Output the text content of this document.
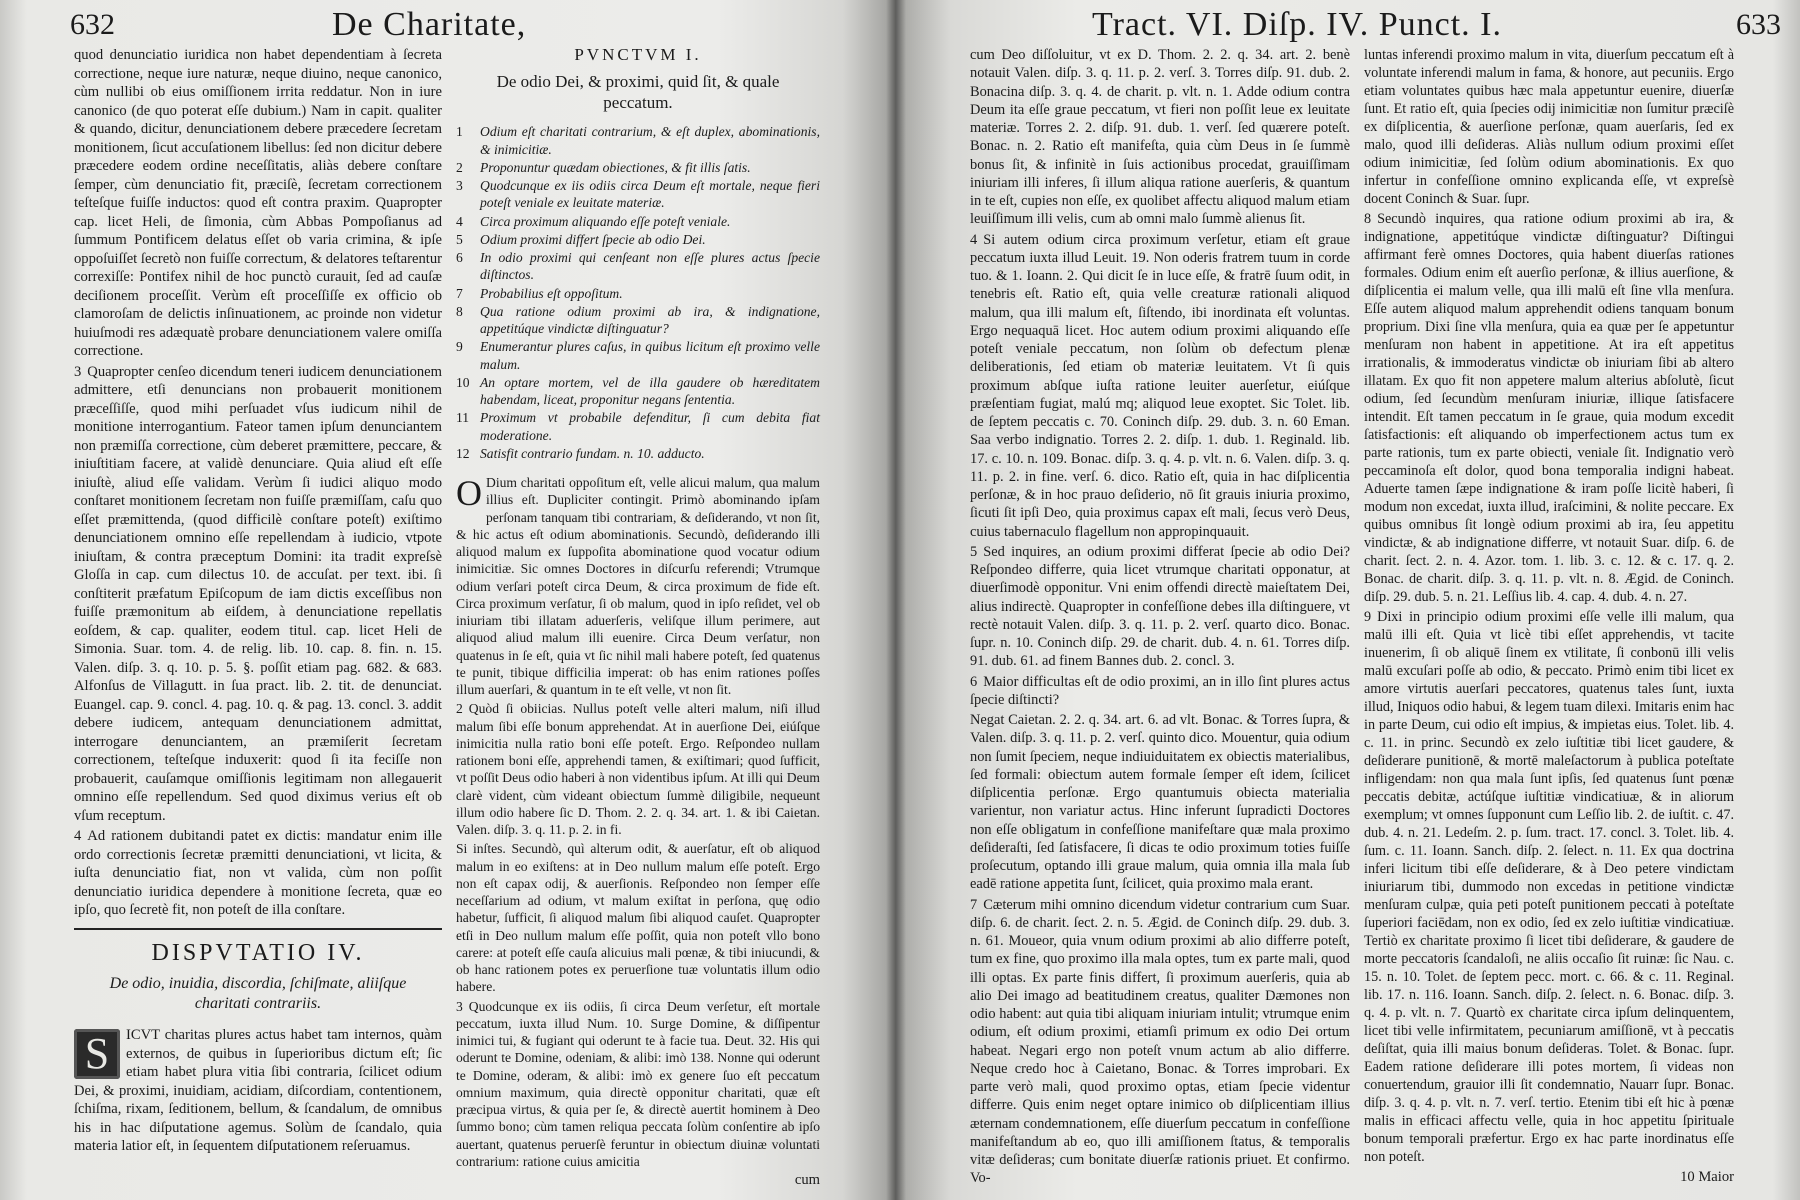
632	De Charitate,

quod denunciatio iuridica non habet dependentiam à ſecreta correctione, neque iure naturæ, neque diuino, neque canonico, cùm nullibi ob eius omiſſionem irrita reddatur. Non in iure canonico (de quo poterat eſſe dubium.) Nam in capit. qualiter & quando, dicitur, denunciationem debere præcedere ſecretam monitionem, ſicut accuſationem libellus: ſed non dicitur debere præcedere eodem ordine neceſſitatis, aliàs debere conſtare ſemper, cùm denunciatio fit, præciſè, ſecretam correctionem teſteſque fuiſſe inductos: quod eſt contra praxim. Quapropter cap. licet Heli, de ſimonia, cùm Abbas Pompoſianus ad ſummum Pontificem delatus eſſet ob varia crimina, & ipſe oppoſuiſſet ſecretò non fuiſſe correctum, & delatores teſtarentur correxiſſe: Pontifex nihil de hoc punctò curauit, ſed ad cauſæ deciſionem proceſſit. Verùm eſt proceſſiſſe ex officio ob clamoroſam de delictis inſinuationem, ac proinde non videtur huiuſmodi res adæquatè probare denunciationem valere omiſſa correctione.

3 Quapropter cenſeo dicendum teneri iudicem denunciationem admittere, etſi denuncians non probauerit monitionem præceſſiſſe, quod mihi perſuadet vſus iudicum nihil de monitione interrogantium. Fateor tamen ipſum denunciantem non præmiſſa correctione, cùm deberet præmittere, peccare, & iniuſtitiam facere, at validè denunciare. Quia aliud eſt eſſe iniuſtè, aliud eſſe validam. Verùm ſi iudici aliquo modo conſtaret monitionem ſecretam non fuiſſe præmiſſam, caſu quo eſſet præmittenda, (quod difficilè conſtare poteſt) exiſtimo denunciationem omnino eſſe repellendam à iudicio, vtpote iniuſtam, & contra præceptum Domini: ita tradit expreſsè Gloſſa in cap. cum dilectus 10. de accuſat. per text. ibi. ſi conſtiterit præfatum Epiſcopum de iam dictis exceſſibus non fuiſſe præmonitum ab eiſdem, à denunciatione repellatis eoſdem, & cap. qualiter, eodem titul. cap. licet Heli de Simonia. Suar. tom. 4. de relig. lib. 10. cap. 8. fin. n. 15. Valen. diſp. 3. q. 10. p. 5. §. poſſit etiam pag. 682. & 683. Alfonſus de Villagutt. in ſua pract. lib. 2. tit. de denunciat. Euangel. cap. 9. concl. 4. pag. 10. q. & pag. 13. concl. 3. addit debere iudicem, antequam denunciationem admittat, interrogare denunciantem, an præmiſerit ſecretam correctionem, teſteſque induxerit: quod ſi ita feciſſe non probauerit, cauſamque omiſſionis legitimam non allegauerit omnino eſſe repellendum. Sed quod diximus verius eſt ob vſum receptum.

4 Ad rationem dubitandi patet ex dictis: mandatur enim ille ordo correctionis ſecretæ præmitti denunciationi, vt licita, & iuſta denunciatio fiat, non vt valida, cùm non poſſit denunciatio iuridica dependere à monitione ſecreta, quæ eo ipſo, quo ſecretè fit, non poteſt de illa conſtare.

DISPVTATIO IV.
De odio, inuidia, discordia, ſchiſmate, aliiſque charitati contrariis.

S	ICVT charitas plures actus habet tam internos, quàm externos, de quibus in ſuperioribus dictum eſt; ſic etiam habet plura vitia ſibi contraria, ſcilicet odium Dei, & proximi, inuidiam, acidiam, diſcordiam, contentionem, ſchiſma, rixam, ſeditionem, bellum, & ſcandalum, de omnibus his in hac diſputatione agemus. Solùm de ſcandalo, quia materia latior eſt, in ſequentem diſputationem reſeruamus.

PVNCTVM I.
De odio Dei, & proximi, quid ſit, & quale peccatum.
1	Odium eſt charitati contrarium, & eſt duplex, abominationis, & inimicitiæ.
2	Proponuntur quædam obiectiones, & fit illis ſatis.
3	Quodcunque ex iis odiis circa Deum eſt mortale, neque fieri poteſt veniale ex leuitate materiæ.
4	Circa proximum aliquando eſſe poteſt veniale.
5	Odium proximi differt ſpecie ab odio Dei.
6	In odio proximi qui cenſeant non eſſe plures actus ſpecie diſtinctos.
7	Probabilius eſt oppoſitum.
8	Qua ratione odium proximi ab ira, & indignatione, appetitúque vindictæ diſtinguatur?
9	Enumerantur plures caſus, in quibus licitum eſt proximo velle malum.
10 An optare mortem, vel de illa gaudere ob hæreditatem habendam, liceat, proponitur negans ſententia.
11 Proximum vt probabile defenditur, ſi cum debita fiat moderatione.
12 Satisfit contrario fundam. n. 10. adducto.

O Dium charitati oppoſitum eſt, velle alicui malum, qua malum illius eſt. Dupliciter contingit. Primò abominando ipſam perſonam tanquam tibi contrariam, & deſiderando, vt non ſit, & hic actus eſt odium abominationis. Secundò, deſiderando illi aliquod malum ex ſuppoſita abominatione quod vocatur odium inimicitiæ. Sic omnes Doctores in diſcurſu referendi; Vtrumque odium verſari poteſt circa Deum, & circa proximum de fide eſt. Circa proximum verſatur, ſi ob malum, quod in ipſo reſidet, vel ob iniuriam tibi illatam aduerſeris, veliſque illum perimere, aut aliquod aliud malum illi euenire. Circa Deum verſatur, non quatenus in ſe eſt, quia vt ſic nihil mali habere poteſt, ſed quatenus te punit, tibique difficilia imperat: ob has enim rationes poſſes illum auerſari, & quantum in te eſt velle, vt non ſit.

2 Quòd ſi obiicias. Nullus poteſt velle alteri malum, niſi illud malum ſibi eſſe bonum apprehendat. At in auerſione Dei, eiúſque inimicitia nulla ratio boni eſſe poteſt. Ergo. Reſpondeo nullam rationem boni eſſe, apprehendi tamen, & exiſtimari; quod ſufficit, vt poſſit Deus odio haberi à non videntibus ipſum. At illi qui Deum clarè vident, cùm videant obiectum ſummè diligibile, nequeunt illum odio habere ſic D. Thom. 2. 2. q. 34. art. 1. & ibi Caietan. Valen. diſp. 3. q. 11. p. 2. in fi.

Si inſtes. Secundò, quì alterum odit, & auerſatur, eſt ob aliquod malum in eo exiſtens: at in Deo nullum malum eſſe poteſt. Ergo non eſt capax odij, & auerſionis. Reſpondeo non ſemper eſſe neceſſarium ad odium, vt malum exiſtat in perſona, quę odio habetur, ſufficit, ſi aliquod malum ſibi aliquod cauſet. Quapropter etſi in Deo nullum malum eſſe poſſit, quia non poteſt vllo bono carere: at poteſt eſſe cauſa alicuius mali pœnæ, & tibi iniucundi, & ob hanc rationem potes ex peruerſione tuæ voluntatis illum odio habere.

3 Quodcunque ex iis odiis, ſi circa Deum verſetur, eſt mortale peccatum, iuxta illud Num. 10. Surge Domine, & diſſipentur inimici tui, & fugiant qui oderunt te à facie tua. Deut. 32. His qui oderunt te Domine, odeniam, & alibi: imò 138. Nonne qui oderunt te Domine, oderam, & alibi: imò ex genere ſuo eſt peccatum omnium maximum, quia directè opponitur charitati, quæ eſt præcipua virtus, & quia per ſe, & directè auertit hominem à Deo ſummo bono; cùm tamen reliqua peccata ſolùm conſentire ab ipſo auertant, quatenus peruerſè feruntur in obiectum diuinæ voluntati contrarium: ratione cuius amicitia

cum
Tract. VI. Diſp. IV. Punct. I.	633

cum Deo diſſoluitur, vt ex D. Thom. 2. 2. q. 34. art. 2. benè notauit Valen. diſp. 3. q. 11. p. 2. verſ. 3. Torres diſp. 91. dub. 2. Bonacina diſp. 3. q. 4. de charit. p. vlt. n. 1. Adde odium contra Deum ita eſſe graue peccatum, vt fieri non poſſit leue ex leuitate materiæ. Torres 2. 2. diſp. 91. dub. 1. verſ. ſed quærere poteſt. Bonac. n. 2. Ratio eſt manifeſta, quia cùm Deus in ſe ſummè bonus ſit, & infinitè in ſuis actionibus procedat, grauiſſimam iniuriam illi inferes, ſi illum aliqua ratione auerſeris, & quantum in te eſt, cupies non eſſe, ex quolibet affectu aliquod malum etiam leuiſſimum illi velis, cum ab omni malo ſummè alienus ſit.

4 Si autem odium circa proximum verſetur, etiam eſt graue peccatum iuxta illud Leuit. 19. Non oderis fratrem tuum in corde tuo. & 1. Ioann. 2. Qui dicit ſe in luce eſſe, & fratrē ſuum odit, in tenebris eſt. Ratio eſt, quia velle creaturæ rationali aliquod malum, qua illi malum eſt, ſiſtendo, ibi inordinata eſt voluntas. Ergo nequaquā licet. Hoc autem odium proximi aliquando eſſe poteſt veniale peccatum, non ſolùm ob defectum plenæ deliberationis, ſed etiam ob materiæ leuitatem. Vt ſi quis proximum abſque iuſta ratione leuiter auerſetur, eiúſque præſentiam fugiat, malú mq; aliquod leue exoptet. Sic Tolet. lib. de ſeptem peccatis c. 70. Coninch diſp. 29. dub. 3. n. 60 Eman. Saa verbo indignatio. Torres 2. 2. diſp. 1. dub. 1. Reginald. lib. 17. c. 10. n. 109. Bonac. diſp. 3. q. 4. p. vlt. n. 6. Valen. diſp. 3. q. 11. p. 2. in fine. verſ. 6. dico. Ratio eſt, quia in hac diſplicentia perſonæ, & in hoc prauo deſiderio, nō ſit grauis iniuria proximo, ſicuti ſit ipſi Deo, quia proximus capax eſt mali, ſecus verò Deus, cuius tabernaculo flagellum non appropinquauit.

5 Sed inquires, an odium proximi differat ſpecie ab odio Dei? Reſpondeo differre, quia licet vtrumque charitati opponatur, at diuerſimodè opponitur. Vni enim offendi directè maieſtatem Dei, alius indirectè. Quapropter in confeſſione debes illa diſtinguere, vt rectè notauit Valen. diſp. 3. q. 11. p. 2. verſ. quarto dico. Bonac. ſupr. n. 10. Coninch diſp. 29. de charit. dub. 4. n. 61. Torres diſp. 91. dub. 61. ad finem Bannes dub. 2. concl. 3.

6 Maior difficultas eſt de odio proximi, an in illo ſint plures actus ſpecie diſtincti?

Negat Caietan. 2. 2. q. 34. art. 6. ad vlt. Bonac. & Torres ſupra, & Valen. diſp. 3. q. 11. p. 2. verſ. quinto dico. Mouentur, quia odium non ſumit ſpeciem, neque indiuiduitatem ex obiectis materialibus, ſed formali: obiectum autem formale ſemper eſt idem, ſcilicet diſplicentia perſonæ. Ergo quantumuis obiecta materialia varientur, non variatur actus. Hinc inferunt ſupradicti Doctores non eſſe obligatum in confeſſione manifeſtare quæ mala proximo deſideraſti, ſed ſatisfacere, ſi dicas te odio proximum toties fuiſſe proſecutum, optando illi graue malum, quia omnia illa mala ſub eadē ratione appetita ſunt, ſcilicet, quia proximo mala erant.

7 Cæterum mihi omnino dicendum videtur contrarium cum Suar. diſp. 6. de charit. ſect. 2. n. 5. Ægid. de Coninch diſp. 29. dub. 3. n. 61. Moueor, quia vnum odium proximi ab alio differre poteſt, tum ex fine, quo proximo illa mala optes, tum ex parte mali, quod illi optas. Ex parte finis differt, ſi proximum auerſeris, quia ab alio Dei imago ad beatitudinem creatus, qualiter Dæmones non odio habent: aut quia tibi aliquam iniuriam intulit; vtrumque enim odium, eſt odium proximi, etiamſi primum ex odio Dei ortum habeat. Negari ergo non poteſt vnum actum ab alio differre. Neque credo hoc à Caietano, Bonac. & Torres improbari. Ex parte verò mali, quod proximo optas, etiam ſpecie videntur differre. Quis enim neget optare inimico ob diſplicentiam illius æternam condemnationem, eſſe diuerſum peccatum in confeſſione manifeſtandum ab eo, quo illi amiſſionem ſtatus, & temporalis vitæ deſideras; cum bonitate diuerſæ rationis priuet. Et confirmo. Vo-

luntas inferendi proximo malum in vita, diuerſum peccatum eſt à voluntate inferendi malum in fama, & honore, aut pecuniis. Ergo etiam voluntates quibus hæc mala appetuntur euenire, diuerſæ ſunt. Et ratio eſt, quia ſpecies odij inimicitiæ non ſumitur præciſè ex diſplicentia, & auerſione perſonæ, quam auerſaris, ſed ex malo, quod illi deſideras. Aliàs nullum odium proximi eſſet odium inimicitiæ, ſed ſolùm odium abominationis. Ex quo infertur in confeſſione omnino explicanda eſſe, vt expreſsè docent Coninch & Suar. ſupr.

8 Secundò inquires, qua ratione odium proximi ab ira, & indignatione, appetitúque vindictæ diſtinguatur? Diſtingui affirmant ferè omnes Doctores, quia habent diuerſas rationes formales. Odium enim eſt auerſio perſonæ, & illius auerſione, & diſplicentia ei malum velle, qua illi malū eſt ſine vlla menſura. Eſſe autem aliquod malum apprehendit odiens tanquam bonum proprium. Dixi ſine vlla menſura, quia ea quæ per ſe appetuntur menſuram non habent in appetitione. At ira eſt appetitus irrationalis, & immoderatus vindictæ ob iniuriam ſibi ab altero illatam. Ex quo fit non appetere malum alterius abſolutè, ſicut odium, ſed ſecundùm menſuram iniuriæ, illique ſatisfacere intendit. Eſt tamen peccatum in ſe graue, quia modum excedit ſatisfactionis: eſt aliquando ob imperfectionem actus tum ex parte rationis, tum ex parte obiecti, veniale ſit. Indignatio verò peccaminoſa eſt dolor, quod bona temporalia indigni habeat. Aduerte tamen ſæpe indignatione & iram poſſe licitè haberi, ſi modum non excedat, iuxta illud, iraſcimini, & nolite peccare. Ex quibus omnibus ſit longè odium proximi ab ira, ſeu appetitu vindictæ, & ab indignatione differre, vt notauit Suar. diſp. 6. de charit. ſect. 2. n. 4. Azor. tom. 1. lib. 3. c. 12. & c. 17. q. 2. Bonac. de charit. diſp. 3. q. 11. p. vlt. n. 8. Ægid. de Coninch. diſp. 29. dub. 5. n. 21. Leſſius lib. 4. cap. 4. dub. 4. n. 27.

9 Dixi in principio odium proximi eſſe velle illi malum, qua malū illi eſt. Quia vt licè tibi eſſet apprehendis, vt tacite inuenerim, ſi ob aliquē ſinem ex vtilitate, ſi conbonū illi velis malū excuſari poſſe ab odio, & peccato. Primò enim tibi licet ex amore virtutis auerſari peccatores, quatenus tales ſunt, iuxta illud, Iniquos odio habui, & legem tuam dilexi. Imitaris enim hac in parte Deum, cui odio eſt impius, & impietas eius. Tolet. lib. 4. c. 11. in princ. Secundò ex zelo iuſtitiæ tibi licet gaudere, & deſiderare punitionē, & mortē maleſactorum à publica poteſtate infligendam: non qua mala ſunt ipſis, ſed quatenus ſunt pœnæ peccatis debitæ, actúſque iuſtitiæ vindicatiuæ, & in aliorum exemplum; vt omnes ſupponunt cum Leſſio lib. 2. de iuſtit. c. 47. dub. 4. n. 21. Ledeſm. 2. p. ſum. tract. 17. concl. 3. Tolet. lib. 4. ſum. c. 11. Ioann. Sanch. diſp. 2. ſelect. n. 11. Ex qua doctrina inferi licitum tibi eſſe deſiderare, & à Deo petere vindictam iniuriarum tibi, dummodo non excedas in petitione vindictæ menſuram culpæ, quia peti poteſt punitionem peccati à poteſtate ſuperiori faciēdam, non ex odio, ſed ex zelo iuſtitiæ vindicatiuæ. Tertiò ex charitate proximo ſi licet tibi deſiderare, & gaudere de morte peccatoris ſcandaloſi, ne aliis occaſio ſit ruinæ: ſic Nau. c. 15. n. 10. Tolet. de ſeptem pecc. mort. c. 66. & c. 11. Reginal. lib. 17. n. 116. Ioann. Sanch. diſp. 2. ſelect. n. 6. Bonac. diſp. 3. q. 4. p. vlt. n. 7. Quartò ex charitate circa ipſum delinquentem, licet tibi velle infirmitatem, pecuniarum amiſſionē, vt à peccatis deſiſtat, quia illi maius bonum deſideras. Tolet. & Bonac. ſupr. Eadem ratione deſiderare illi potes mortem, ſi videas non conuertendum, grauior illi ſit condemnatio, Nauarr ſupr. Bonac. diſp. 3. q. 4. p. vlt. n. 7. verſ. tertio. Etenim tibi eſt hic à pœnæ malis in efficaci affectu velle, quia in hoc appetitu ſpirituale bonum temporali præfertur. Ergo ex hac parte inordinatus eſſe non poteſt.

10 Maior
